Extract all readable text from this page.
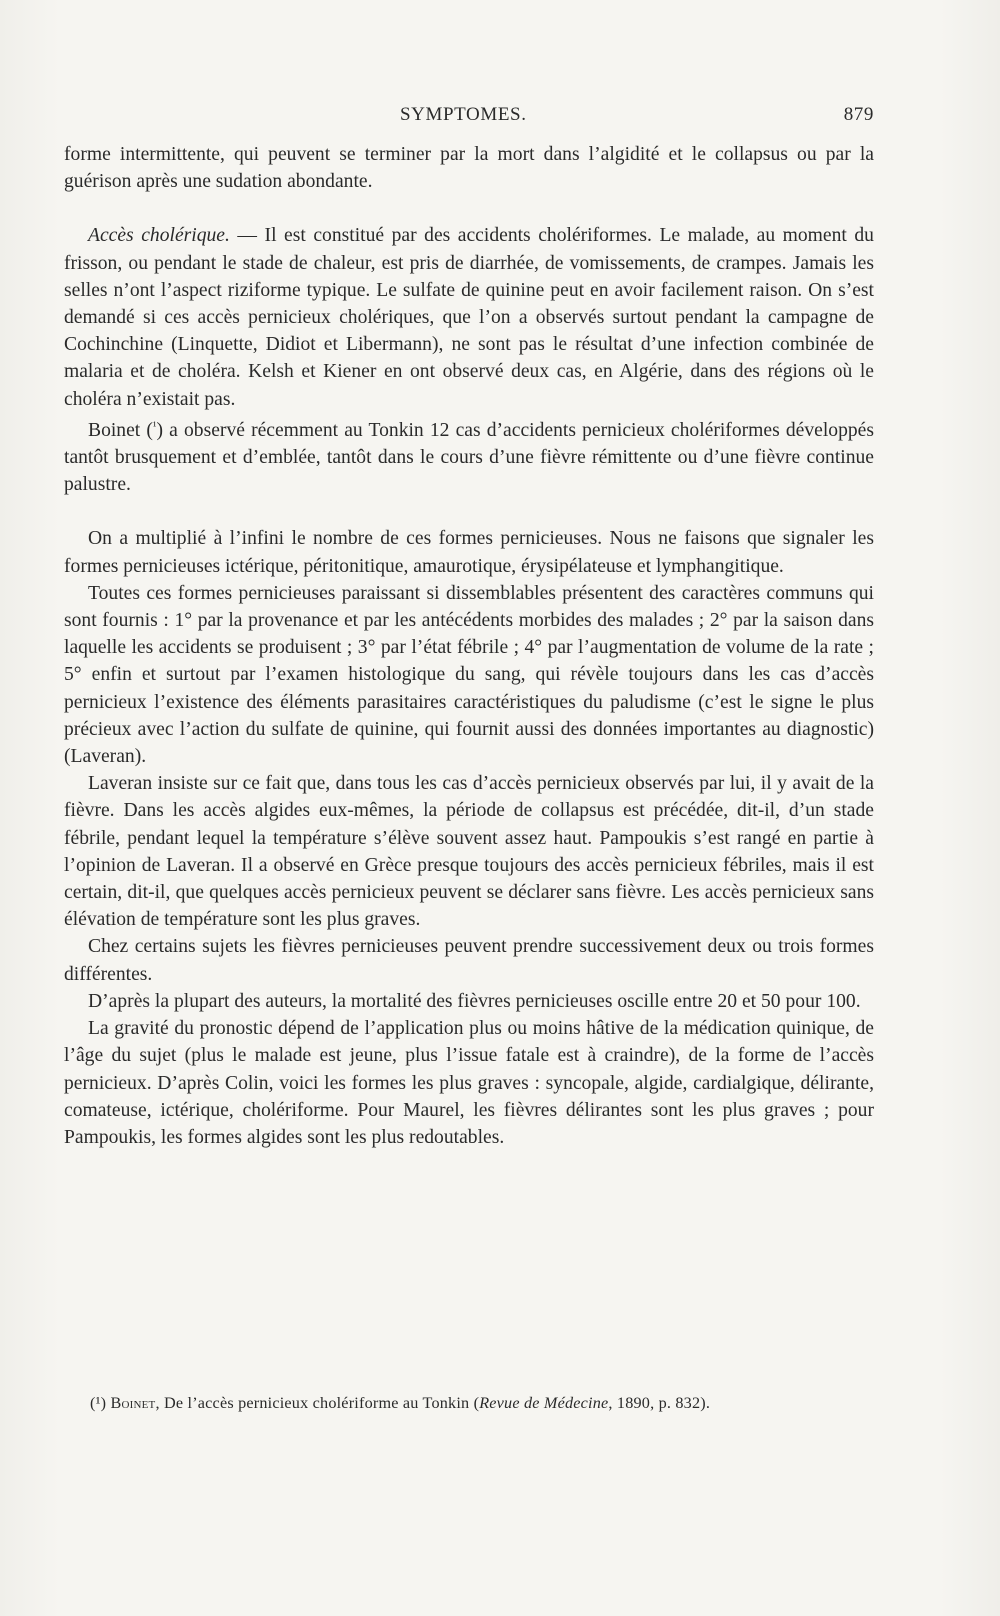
SYMPTOMES.	879

forme intermittente, qui peuvent se terminer par la mort dans l’algidité et le collapsus ou par la guérison après une sudation abondante.

Accès cholérique. — Il est constitué par des accidents cholériformes. Le malade, au moment du frisson, ou pendant le stade de chaleur, est pris de diarrhée, de vomissements, de crampes. Jamais les selles n’ont l’aspect riziforme typique. Le sulfate de quinine peut en avoir facilement raison. On s’est demandé si ces accès pernicieux cholériques, que l’on a observés surtout pendant la campagne de Cochinchine (Linquette, Didiot et Libermann), ne sont pas le résultat d’une infection combinée de malaria et de choléra. Kelsh et Kiener en ont observé deux cas, en Algérie, dans des régions où le choléra n’existait pas.

Boinet ($^{^1}$) a observé récemment au Tonkin 12 cas d’accidents pernicieux cholériformes développés tantôt brusquement et d’emblée, tantôt dans le cours d’une fièvre rémittente ou d’une fièvre continue palustre.

On a multiplié à l’infini le nombre de ces formes pernicieuses. Nous ne faisons que signaler les formes pernicieuses ictérique, péritonitique, amaurotique, érysipélateuse et lymphangitique.

Toutes ces formes pernicieuses paraissant si dissemblables présentent des caractères communs qui sont fournis : 1° par la provenance et par les antécédents morbides des malades ; 2° par la saison dans laquelle les accidents se produisent ; 3° par l’état fébrile ; 4° par l’augmentation de volume de la rate ; 5° enfin et surtout par l’examen histologique du sang, qui révèle toujours dans les cas d’accès pernicieux l’existence des éléments parasitaires caractéristiques du paludisme (c’est le signe le plus précieux avec l’action du sulfate de quinine, qui fournit aussi des données importantes au diagnostic) (Laveran).

Laveran insiste sur ce fait que, dans tous les cas d’accès pernicieux observés par lui, il y avait de la fièvre. Dans les accès algides eux-mêmes, la période de collapsus est précédée, dit-il, d’un stade fébrile, pendant lequel la température s’élève souvent assez haut. Pampoukis s’est rangé en partie à l’opinion de Laveran. Il a observé en Grèce presque toujours des accès pernicieux fébriles, mais il est certain, dit-il, que quelques accès pernicieux peuvent se déclarer sans fièvre. Les accès pernicieux sans élévation de température sont les plus graves.

Chez certains sujets les fièvres pernicieuses peuvent prendre successivement deux ou trois formes différentes.

D’après la plupart des auteurs, la mortalité des fièvres pernicieuses oscille entre 20 et 50 pour 100.

La gravité du pronostic dépend de l’application plus ou moins hâtive de la médication quinique, de l’âge du sujet (plus le malade est jeune, plus l’issue fatale est à craindre), de la forme de l’accès pernicieux. D’après Colin, voici les formes les plus graves : syncopale, algide, cardialgique, délirante, comateuse, ictérique, cholériforme. Pour Maurel, les fièvres délirantes sont les plus graves ; pour Pampoukis, les formes algides sont les plus redoutables.

(¹) Boinet, De l’accès pernicieux cholériforme au Tonkin (Revue de Médecine, 1890, p. 832).
